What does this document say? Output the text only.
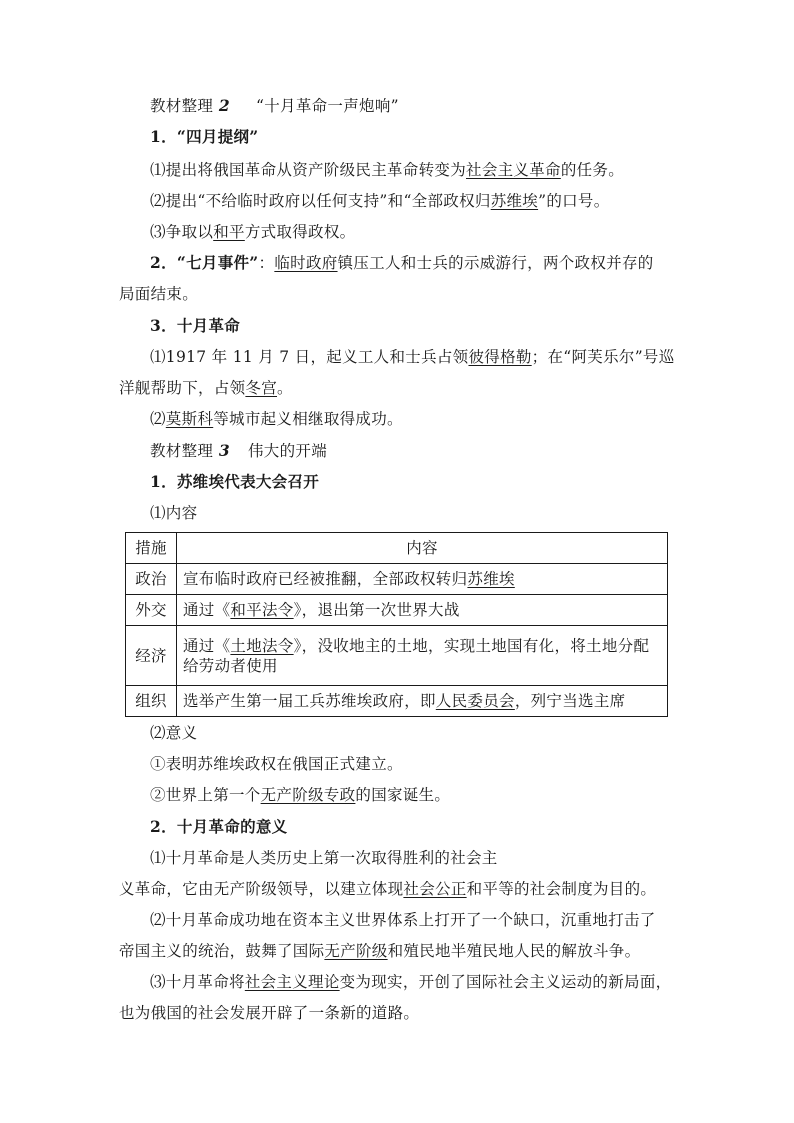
教材整理 2 “十月革命一声炮响”
1．“四月提纲”
⑴提出将俄国革命从资产阶级民主革命转变为社会主义革命的任务。
⑵提出“不给临时政府以任何支持”和“全部政权归苏维埃”的口号。
⑶争取以和平方式取得政权。
2．“七月事件”：临时政府镇压工人和士兵的示威游行，两个政权并存的
局面结束。
3．十月革命
⑴1917 年 11 月 7 日，起义工人和士兵占领彼得格勒；在“阿芙乐尔”号巡
洋舰帮助下，占领冬宫。
⑵莫斯科等城市起义相继取得成功。
教材整理 3 伟大的开端
1．苏维埃代表大会召开
⑴内容
措施	内容
政治	宣布临时政府已经被推翻，全部政权转归苏维埃
外交	通过《和平法令》，退出第一次世界大战
经济	通过《土地法令》，没收地主的土地，实现土地国有化，将土地分配
给劳动者使用
组织	选举产生第一届工兵苏维埃政府，即人民委员会，列宁当选主席
⑵意义
①表明苏维埃政权在俄国正式建立。
②世界上第一个无产阶级专政的国家诞生。
2．十月革命的意义
⑴十月革命是人类历史上第一次取得胜利的社会主
义革命，它由无产阶级领导，以建立体现社会公正和平等的社会制度为目的。
⑵十月革命成功地在资本主义世界体系上打开了一个缺口，沉重地打击了
帝国主义的统治，鼓舞了国际无产阶级和殖民地半殖民地人民的解放斗争。
⑶十月革命将社会主义理论变为现实，开创了国际社会主义运动的新局面，
也为俄国的社会发展开辟了一条新的道路。
